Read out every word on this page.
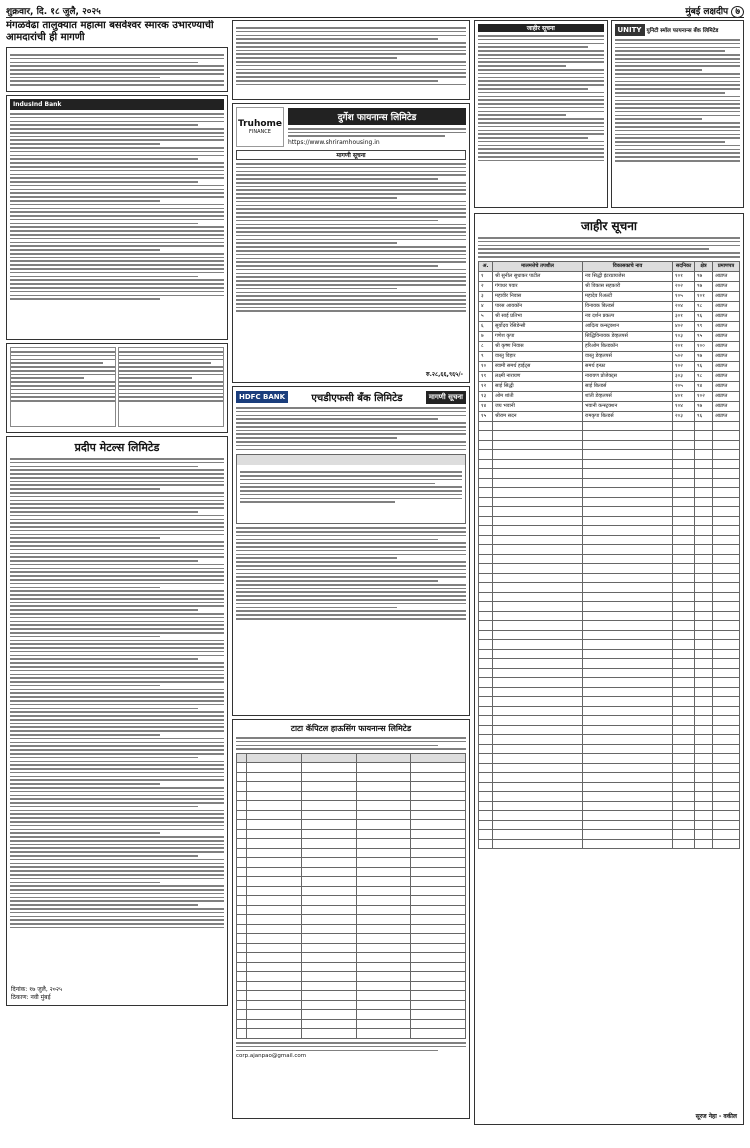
शुक्रवार, दि. १८ जुलै, २०२५	मुंबई लक्षदीप ७
मंगळवेढा तालुक्यात महात्मा बसवेश्वर स्मारक उभारण्याची आमदारांची ही मागणी
IndusInd Bank
प्रदीप मेटल्स लिमिटेड
दिनांक: १७ जुलै, २०२५
ठिकाण: नवी मुंबई
Truhome
FINANCE
दुर्गेश फायनान्स लिमिटेड
https://www.shriramhousing.in
मागणी सूचना
रु.२८,६६,९६५/-
HDFC BANK	एचडीएफसी बँक लिमिटेड	मागणी सूचना
टाटा कॅपिटल हाऊसिंग फायनान्स लिमिटेड

corp.ajanpao@gmail.com
जाहीर सूचना	UNITY युनिटी स्मॉल फायनान्स बँक लिमिटेड
जाहीर सूचना
अ.	मालमत्तेचे तपशील	विकासकाचे नाव	सदनिका	क्षेत्र	प्रमाणपत्र
१	श्री सुनील सुधाकर पाटील	नव सिद्धी इंटरप्रायजेस	१०१	९७	अप्राप्त
२	गंगाधर पवार	श्री विकास सहकारी	२०२	९७	अप्राप्त
३	महावीर निवास	महादेव रिअल्टी	१०५	१०१	अप्राप्त
४	पारस आयकॉन	विनायक बिल्डर्स	२०४	९८	अप्राप्त
५	श्री साई प्रतिभा	नव दर्शन प्रकल्प	३०१	९६	अप्राप्त
६	सूर्योदय रेसिडेन्सी	आदित्य कन्स्ट्रक्शन	४०२	९९	अप्राप्त
७	गणेश कृपा	सिद्धिविनायक डेव्हलपर्स	१०३	९५	अप्राप्त
८	श्री कृष्ण निवास	हरिओम बिल्डकॉन	२०१	१००	अप्राप्त
९	वास्तु विहार	वास्तु डेव्हलपर्स	५०२	९७	अप्राप्त
१०	स्वामी समर्थ हाईट्स	समर्थ इन्फ्रा	१०२	९६	अप्राप्त
११	लक्ष्मी नारायण	नारायण प्रोजेक्ट्स	३०३	९८	अप्राप्त
१२	साई सिद्धी	साई बिल्डर्स	२०५	९४	अप्राप्त
१३	ओम शांती	शांती डेव्हलपर्स	४०१	१०२	अप्राप्त
१४	जय भवानी	भवानी कन्स्ट्रक्शन	१०४	९७	अप्राप्त
१५	श्रीराम सदन	रामकृपा बिल्डर्स	२०३	९६	अप्राप्त

सूरज नेहा - वकील
